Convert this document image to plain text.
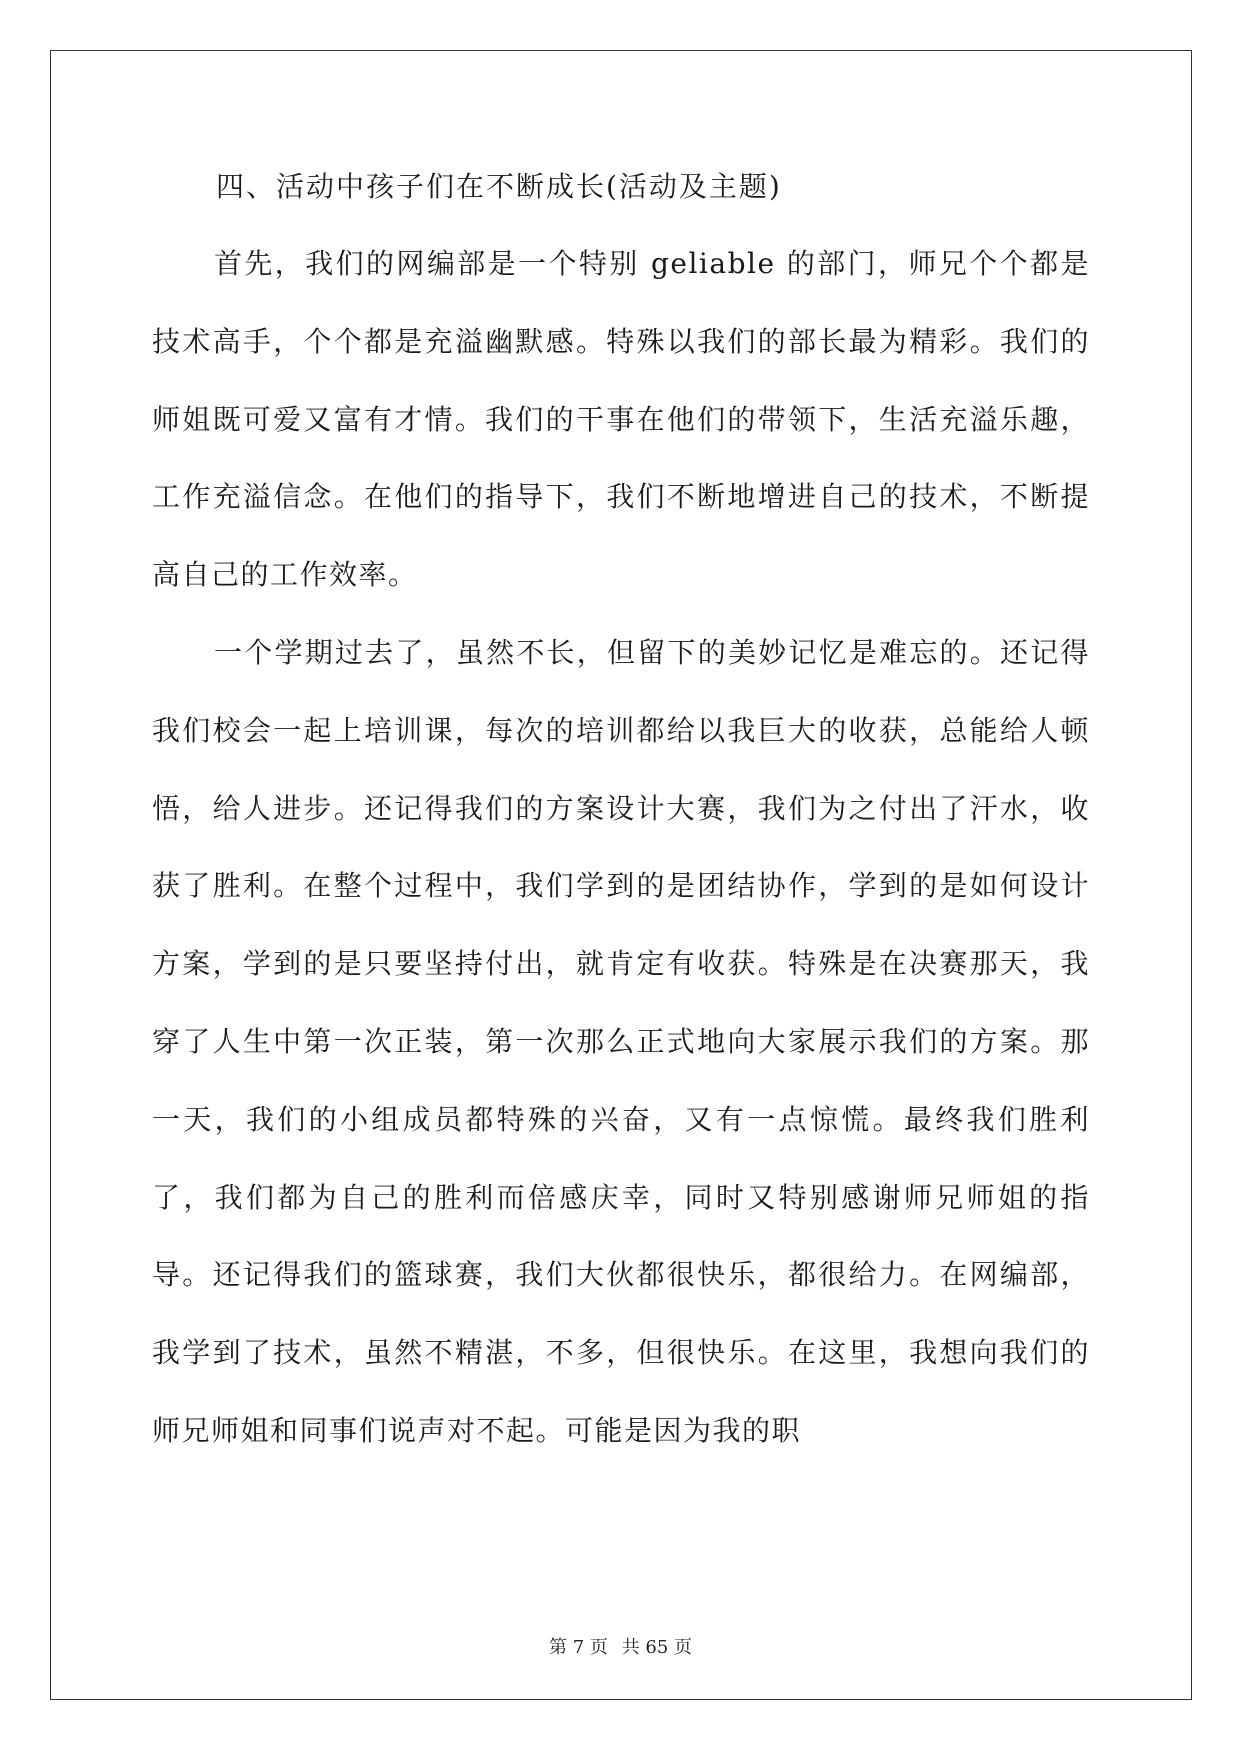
四、活动中孩子们在不断成长(活动及主题)

首先，我们的网编部是一个特别 geliable 的部门，师兄个个都是技术高手，个个都是充溢幽默感。特殊以我们的部长最为精彩。我们的师姐既可爱又富有才情。我们的干事在他们的带领下，生活充溢乐趣，工作充溢信念。在他们的指导下，我们不断地增进自己的技术，不断提高自己的工作效率。

一个学期过去了，虽然不长，但留下的美妙记忆是难忘的。还记得我们校会一起上培训课，每次的培训都给以我巨大的收获，总能给人顿悟，给人进步。还记得我们的方案设计大赛，我们为之付出了汗水，收获了胜利。在整个过程中，我们学到的是团结协作，学到的是如何设计方案，学到的是只要坚持付出，就肯定有收获。特殊是在决赛那天，我穿了人生中第一次正装，第一次那么正式地向大家展示我们的方案。那一天，我们的小组成员都特殊的兴奋，又有一点惊慌。最终我们胜利了，我们都为自己的胜利而倍感庆幸，同时又特别感谢师兄师姐的指导。还记得我们的篮球赛，我们大伙都很快乐，都很给力。在网编部，我学到了技术，虽然不精湛，不多，但很快乐。在这里，我想向我们的师兄师姐和同事们说声对不起。可能是因为我的职

第 7 页 共 65 页
